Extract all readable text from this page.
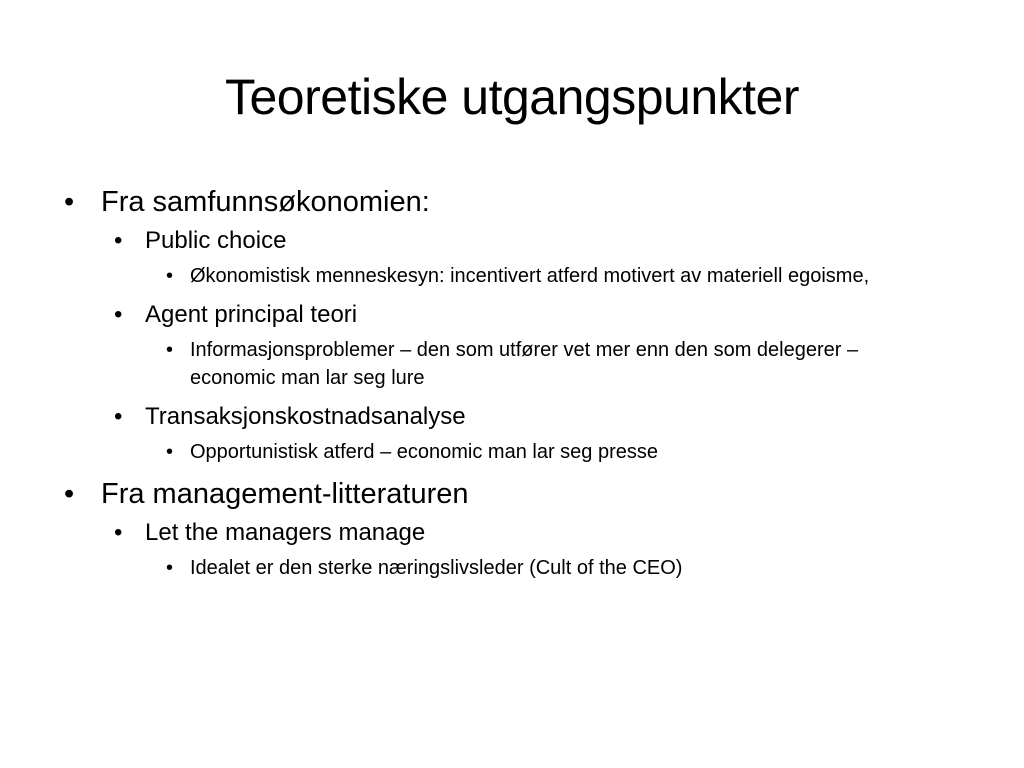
Teoretiske utgangspunkter
• Fra samfunnsøkonomien:
• Public choice
• Økonomistisk menneskesyn: incentivert atferd motivert av materiell egoisme,
• Agent principal teori
• Informasjonsproblemer – den som utfører vet mer enn den som delegerer – economic man lar seg lure
• Transaksjonskostnadsanalyse
• Opportunistisk atferd – economic man lar seg presse
• Fra management-litteraturen
• Let the managers manage
• Idealet er den sterke næringslivsleder (Cult of the CEO)
